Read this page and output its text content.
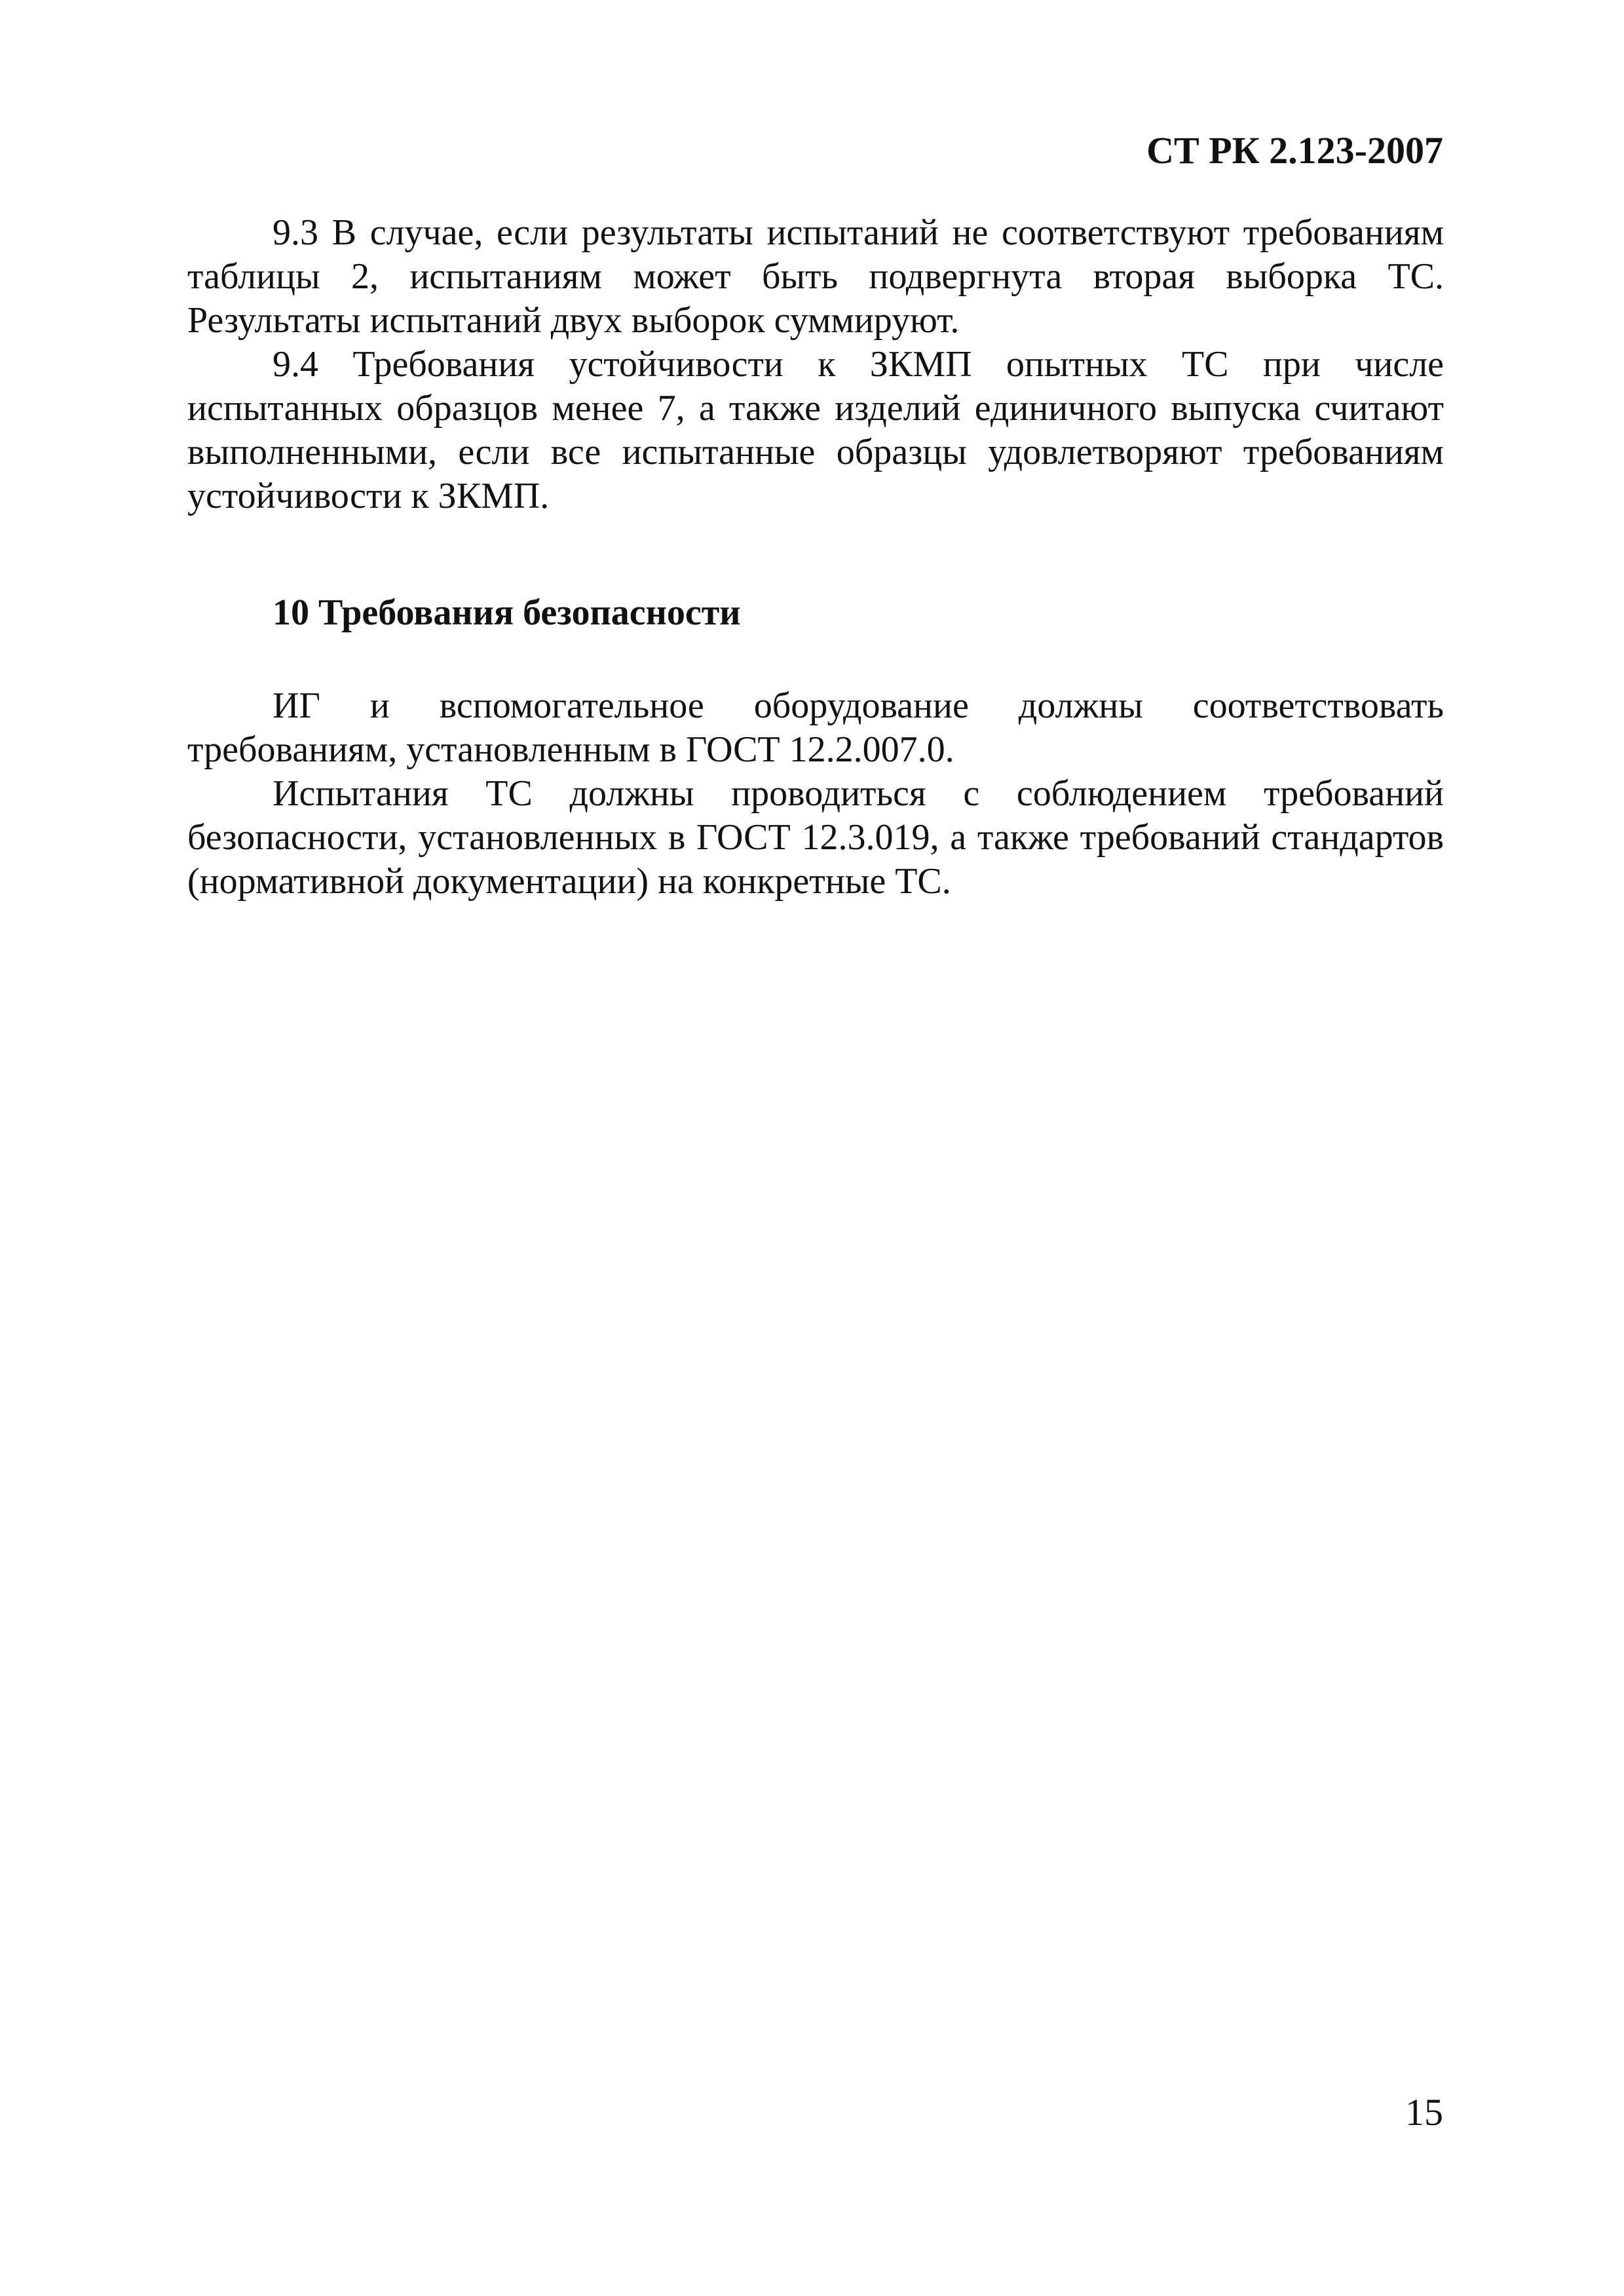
СТ РК 2.123-2007

9.3 В случае, если результаты испытаний не соответствуют требованиям таблицы 2, испытаниям может быть подвергнута вторая выборка ТС. Результаты испытаний двух выборок суммируют.

9.4 Требования устойчивости к ЗКМП опытных ТС при числе испытанных образцов менее 7, а также изделий единичного выпуска считают выполненными, если все испытанные образцы удовлетворяют требованиям устойчивости к ЗКМП.

10 Требования безопасности

ИГ и вспомогательное оборудование должны соответствовать требованиям, установленным в ГОСТ 12.2.007.0.

Испытания ТС должны проводиться с соблюдением требований безопасности, установленных в ГОСТ 12.3.019, а также требований стандартов (нормативной документации) на конкретные ТС.

15
